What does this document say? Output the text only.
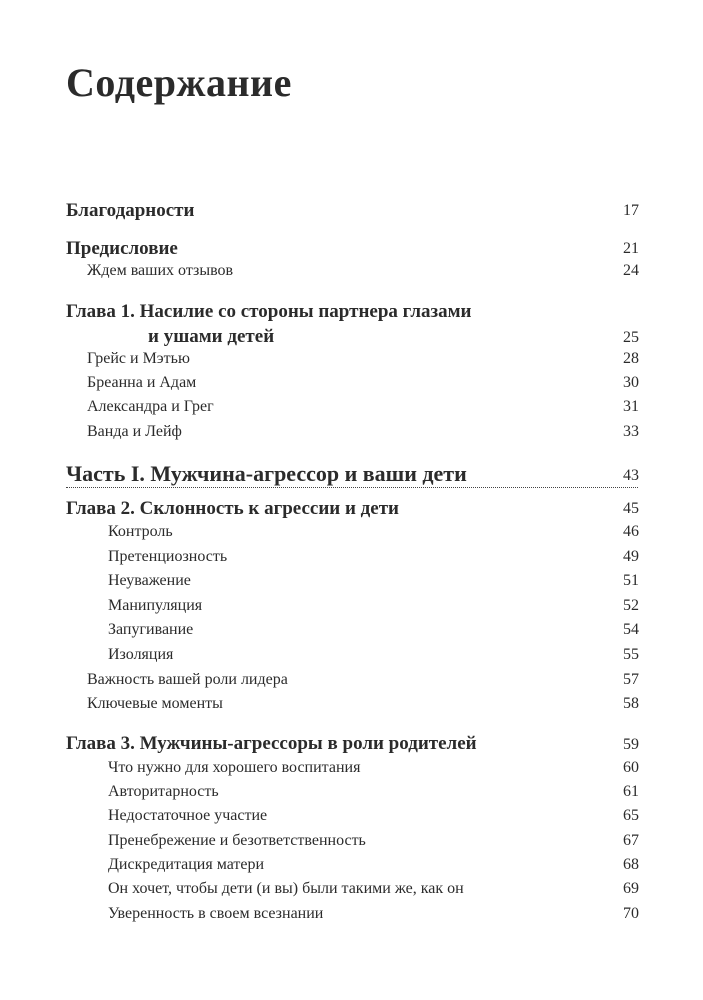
Содержание
Благодарности	17
Предисловие	21
Ждем ваших отзывов	24
Глава 1. Насилие со стороны партнера глазами
и ушами детей	25
Грейс и Мэтью	28
Бреанна и Адам	30
Александра и Грег	31
Ванда и Лейф	33
Часть I. Мужчина-агрессор и ваши дети	43
Глава 2. Склонность к агрессии и дети	45
Контроль	46
Претенциозность	49
Неуважение	51
Манипуляция	52
Запугивание	54
Изоляция	55
Важность вашей роли лидера	57
Ключевые моменты	58
Глава 3. Мужчины-агрессоры в роли родителей	59
Что нужно для хорошего воспитания	60
Авторитарность	61
Недостаточное участие	65
Пренебрежение и безответственность	67
Дискредитация матери	68
Он хочет, чтобы дети (и вы) были такими же, как он	69
Уверенность в своем всезнании	70
